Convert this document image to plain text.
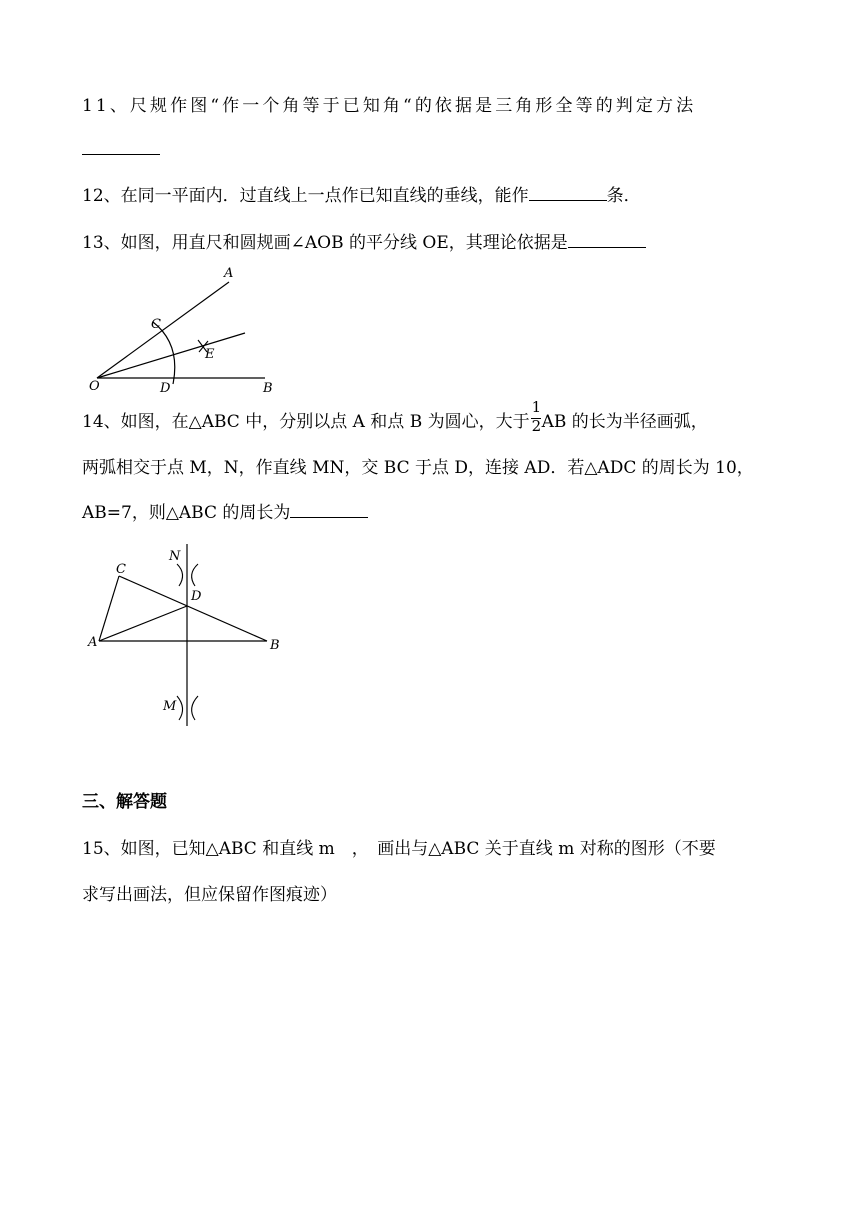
11、尺规作图“作一个角等于已知角“的依据是三角形全等的判定方法

12、在同一平面内．过直线上一点作已知直线的垂线，能作	条．

13、如图，用直尺和圆规画∠AOB 的平分线 OE，其理论依据是

A
C
E
O	D	B

14、如图，在△ABC 中，分别以点 A 和点 B 为圆心，大于 $\frac{1}{2}$ AB 的长为半径画弧，

两弧相交于点 M，N，作直线 MN，交 BC 于点 D，连接 AD．若△ADC 的周长为 10，

AB=7，则△ABC 的周长为

N
C
D
A	B
M

三、解答题

15、如图，已知△ABC 和直线 m　，　画出与△ABC 关于直线 m 对称的图形（不要

求写出画法，但应保留作图痕迹）
